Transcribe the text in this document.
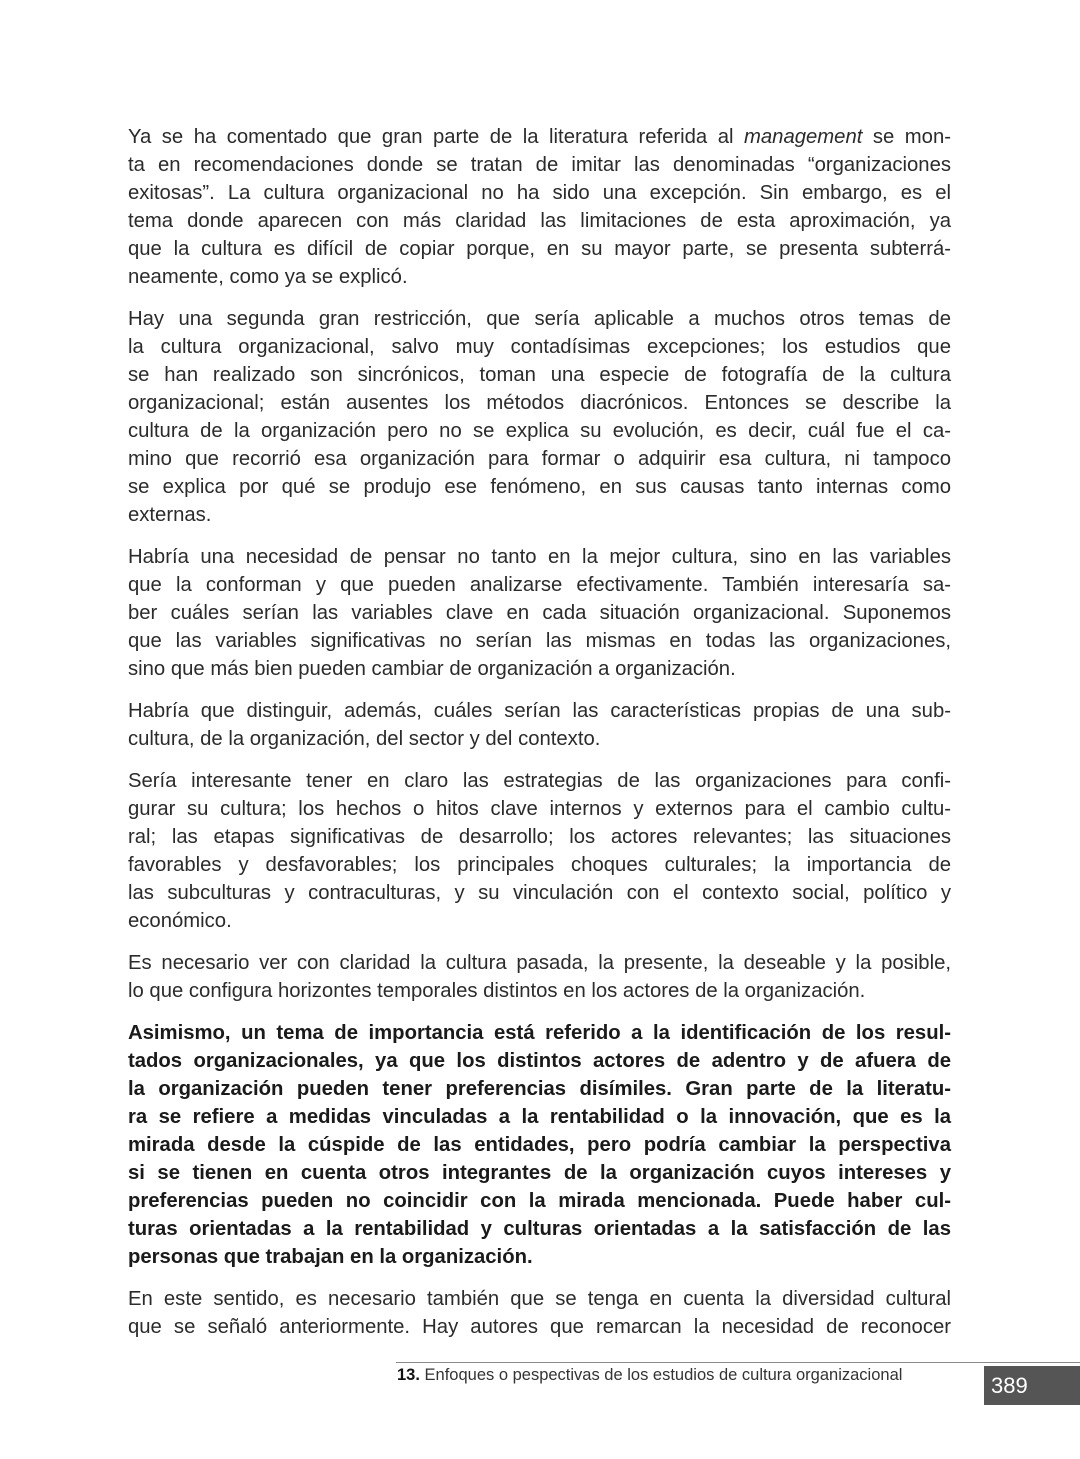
Ya se ha comentado que gran parte de la literatura referida al management se mon-
ta en recomendaciones donde se tratan de imitar las denominadas “organizaciones
exitosas”. La cultura organizacional no ha sido una excepción. Sin embargo, es el
tema donde aparecen con más claridad las limitaciones de esta aproximación, ya
que la cultura es difícil de copiar porque, en su mayor parte, se presenta subterrá-
neamente, como ya se explicó.
Hay una segunda gran restricción, que sería aplicable a muchos otros temas de
la cultura organizacional, salvo muy contadísimas excepciones; los estudios que
se han realizado son sincrónicos, toman una especie de fotografía de la cultura
organizacional; están ausentes los métodos diacrónicos. Entonces se describe la
cultura de la organización pero no se explica su evolución, es decir, cuál fue el ca-
mino que recorrió esa organización para formar o adquirir esa cultura, ni tampoco
se explica por qué se produjo ese fenómeno, en sus causas tanto internas como
externas.
Habría una necesidad de pensar no tanto en la mejor cultura, sino en las variables
que la conforman y que pueden analizarse efectivamente. También interesaría sa-
ber cuáles serían las variables clave en cada situación organizacional. Suponemos
que las variables significativas no serían las mismas en todas las organizaciones,
sino que más bien pueden cambiar de organización a organización.
Habría que distinguir, además, cuáles serían las características propias de una sub-
cultura, de la organización, del sector y del contexto.
Sería interesante tener en claro las estrategias de las organizaciones para confi-
gurar su cultura; los hechos o hitos clave internos y externos para el cambio cultu-
ral; las etapas significativas de desarrollo; los actores relevantes; las situaciones
favorables y desfavorables; los principales choques culturales; la importancia de
las subculturas y contraculturas, y su vinculación con el contexto social, político y
económico.
Es necesario ver con claridad la cultura pasada, la presente, la deseable y la posible,
lo que configura horizontes temporales distintos en los actores de la organización.
Asimismo, un tema de importancia está referido a la identificación de los resul-
tados organizacionales, ya que los distintos actores de adentro y de afuera de
la organización pueden tener preferencias disímiles. Gran parte de la literatu-
ra se refiere a medidas vinculadas a la rentabilidad o la innovación, que es la
mirada desde la cúspide de las entidades, pero podría cambiar la perspectiva
si se tienen en cuenta otros integrantes de la organización cuyos intereses y
preferencias pueden no coincidir con la mirada mencionada. Puede haber cul-
turas orientadas a la rentabilidad y culturas orientadas a la satisfacción de las
personas que trabajan en la organización.
En este sentido, es necesario también que se tenga en cuenta la diversidad cultural
que se señaló anteriormente. Hay autores que remarcan la necesidad de reconocer
13. Enfoques o pespectivas de los estudios de cultura organizacional	389
